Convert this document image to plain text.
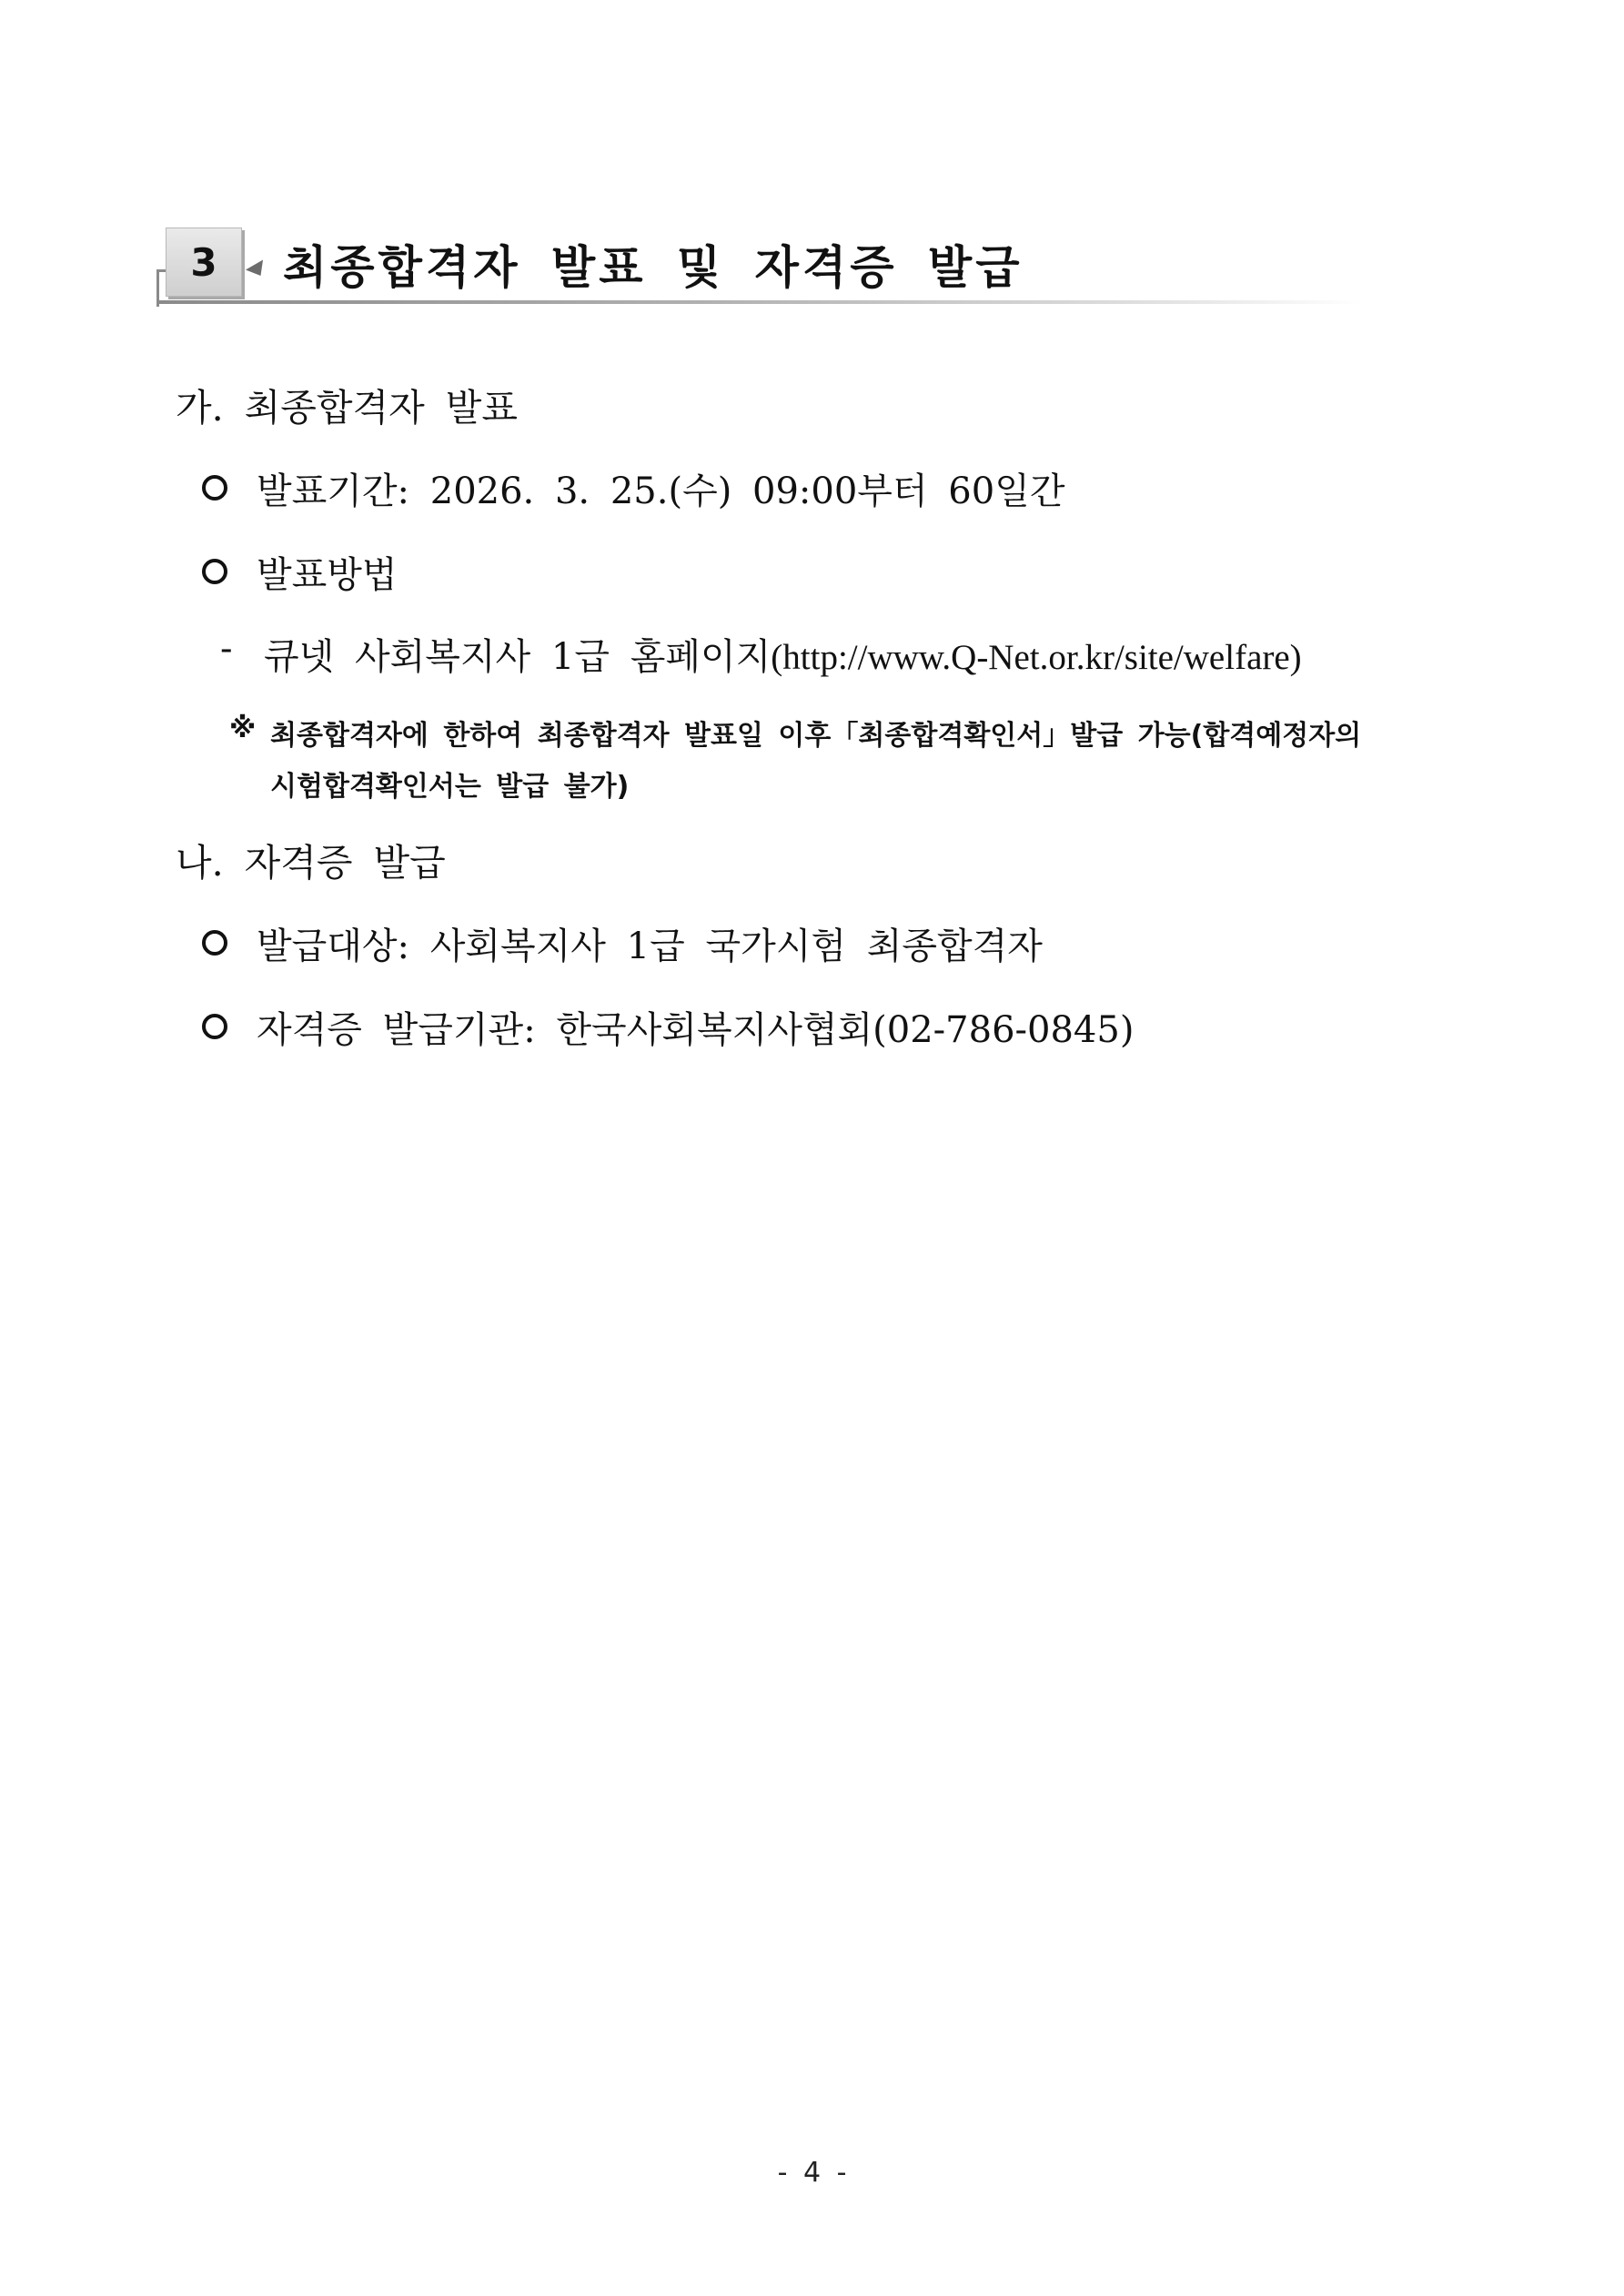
3	최종합격자 발표 및 자격증 발급
가. 최종합격자 발표
발표기간: 2026. 3. 25.(수) 09:00부터 60일간
발표방법
- 큐넷 사회복지사 1급 홈페이지(http://www.Q-Net.or.kr/site/welfare)
※ 최종합격자에 한하여 최종합격자 발표일 이후「최종합격확인서」발급 가능(합격예정자의
시험합격확인서는 발급 불가)
나. 자격증 발급
발급대상: 사회복지사 1급 국가시험 최종합격자
자격증 발급기관: 한국사회복지사협회(02-786-0845)
- 4 -
